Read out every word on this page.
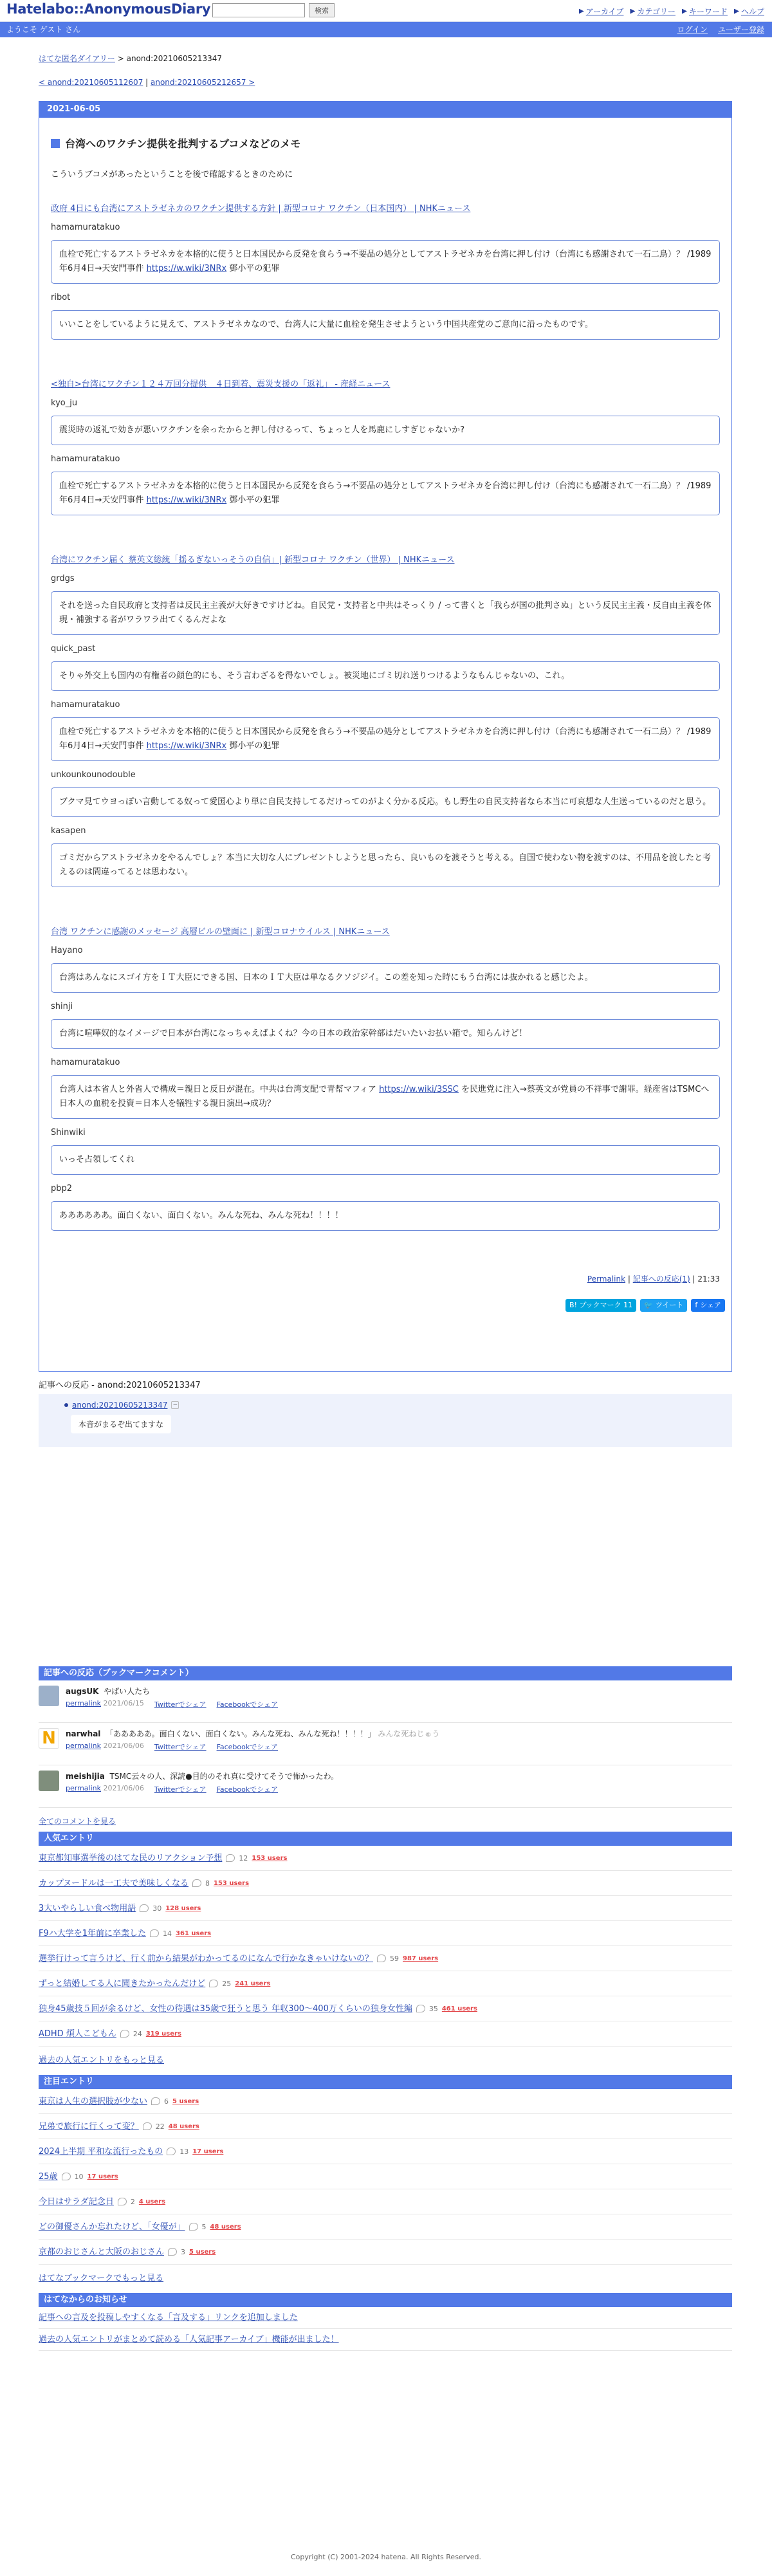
Hatelabo::AnonymousDiary	検索	アーカイブ カテゴリー キーワード ヘルプ
ようこそ ゲスト さん	ログイン ユーザー登録
はてな匿名ダイアリー > anond:20210605213347
< anond:20210605112607 | anond:20210605212657 >
2021-06-05
台湾へのワクチン提供を批判するブコメなどのメモ
こういうブコメがあったということを後で確認するときのために
政府 4日にも台湾にアストラゼネカのワクチン提供する方針 | 新型コロナ ワクチン（日本国内） | NHKニュース
hamamuratakuo
血栓で死亡するアストラゼネカを本格的に使うと日本国民から反発を食らう→不要品の処分としてアストラゼネカを台湾に押し付け（台湾にも感謝されて一石二鳥）？ /1989年6月4日→天安門事件 https://w.wiki/3NRx 鄧小平の犯罪
ribot
いいことをしているように見えて、アストラゼネカなので、台湾人に大量に血栓を発生させようという中国共産党のご意向に沿ったものです。
<独自>台湾にワクチン１２４万回分提供　４日到着、震災支援の「返礼」 - 産経ニュース
kyo_ju
震災時の返礼で効きが悪いワクチンを余ったからと押し付けるって、ちょっと人を馬鹿にしすぎじゃないか?
hamamuratakuo
血栓で死亡するアストラゼネカを本格的に使うと日本国民から反発を食らう→不要品の処分としてアストラゼネカを台湾に押し付け（台湾にも感謝されて一石二鳥）？ /1989年6月4日→天安門事件 https://w.wiki/3NRx 鄧小平の犯罪
台湾にワクチン届く 蔡英文総統「揺るぎないっそうの自信」| 新型コロナ ワクチン（世界） | NHKニュース
grdgs
それを送った自民政府と支持者は反民主主義が大好きですけどね。自民党・支持者と中共はそっくり / って書くと「我らが国の批判さぬ」という反民主主義・反自由主義を体現・補強する者がワラワラ出てくるんだよな
quick_past
そりゃ外交上も国内の有権者の顔色的にも、そう言わざるを得ないでしょ。被災地にゴミ切れ送りつけるようなもんじゃないの、これ。
hamamuratakuo
血栓で死亡するアストラゼネカを本格的に使うと日本国民から反発を食らう→不要品の処分としてアストラゼネカを台湾に押し付け（台湾にも感謝されて一石二鳥）？ /1989年6月4日→天安門事件 https://w.wiki/3NRx 鄧小平の犯罪
unkounkounodouble
ブクマ見てウヨっぽい言動してる奴って愛国心より単に自民支持してるだけってのがよく分かる反応。もし野生の自民支持者なら本当に可哀想な人生送っているのだと思う。
kasapen
ゴミだからアストラゼネカをやるんでしょ？本当に大切な人にプレゼントしようと思ったら、良いものを渡そうと考える。自国で使わない物を渡すのは、不用品を渡したと考えるのは間違ってるとは思わない。
台湾 ワクチンに感謝のメッセージ 高層ビルの壁面に | 新型コロナウイルス | NHKニュース
Hayano
台湾はあんなにスゴイ方をＩＴ大臣にできる国、日本のＩＴ大臣は単なるクソジジイ。この差を知った時にもう台湾には抜かれると感じたよ。
shinji
台湾に喧嘩奴的なイメージで日本が台湾になっちゃえばよくね？今の日本の政治家幹部はだいたいお払い箱で。知らんけど！
hamamuratakuo
台湾人は本省人と外省人で構成＝親日と反日が混在。中共は台湾支配で青幇マフィア https://w.wiki/3SSC を民進党に注入→蔡英文が党員の不祥事で謝罪。経産省はTSMCへ日本人の血税を投資＝日本人を犠牲する親日演出→成功？
Shinwiki
いっそ占領してくれ
pbp2
ああああああ。面白くない、面白くない。みんな死ね、みんな死ね！！！！
Permalink | 記事への反応(1) | 21:33
B! ブックマーク 11	🐦 ツイート f シェア
記事への反応 - anond:20210605213347
anond:20210605213347 −
本音がまるぞ出てますな
記事への反応（ブックマークコメント）
augsUK やばい人たち
permalink 2021/06/15 Twitterでシェア Facebookでシェア
N	narwhal 「あああああ。面白くない、面白くない。みんな死ね、みんな死ね！！！！」 みんな死ねじゅう
permalink 2021/06/06 Twitterでシェア Facebookでシェア
meishijia TSMC云々の人、深読●目的のそれ真に受けてそうで怖かったわ。
permalink 2021/06/06 Twitterでシェア Facebookでシェア
全てのコメントを見る
人気エントリ
東京都知事選挙後のはてな民のリアクション予想 12 153 users
カップヌードルは一工夫で美味しくなる 8 153 users
3大いやらしい食べ物用語 30 128 users
F9ハ大学を1年前に卒業した 14 361 users
選挙行けって言うけど、行く前から結果がわかってるのになんで行かなきゃいけないの？ 59 987 users
ずっと結婚してる人に聞きたかったんだけど 25 241 users
独身45歳技５回が余るけど、女性の待遇は35歳で狂うと思う 年収300〜400万くらいの独身女性編 35 461 users
ADHD 煩人こどもん 24 319 users
過去の人気エントリをもっと見る
注目エントリ
東京は人生の選択肢が少ない 6 5 users
兄弟で旅行に行くって変？ 22 48 users
2024上半期 平和な流行ったもの 13 17 users
25歳 10 17 users
今日はサラダ記念日 2 4 users
どの御優さんか忘れたけど、「女優が」 5 48 users
京都のおじさんと大阪のおじさん 3 5 users
はてなブックマークでもっと見る
はてなからのお知らせ
記事への言及を投稿しやすくなる「言及する」リンクを追加しました
過去の人気エントリがまとめて読める「人気記事アーカイブ」機能が出ました！
Copyright (C) 2001-2024 hatena. All Rights Reserved.
